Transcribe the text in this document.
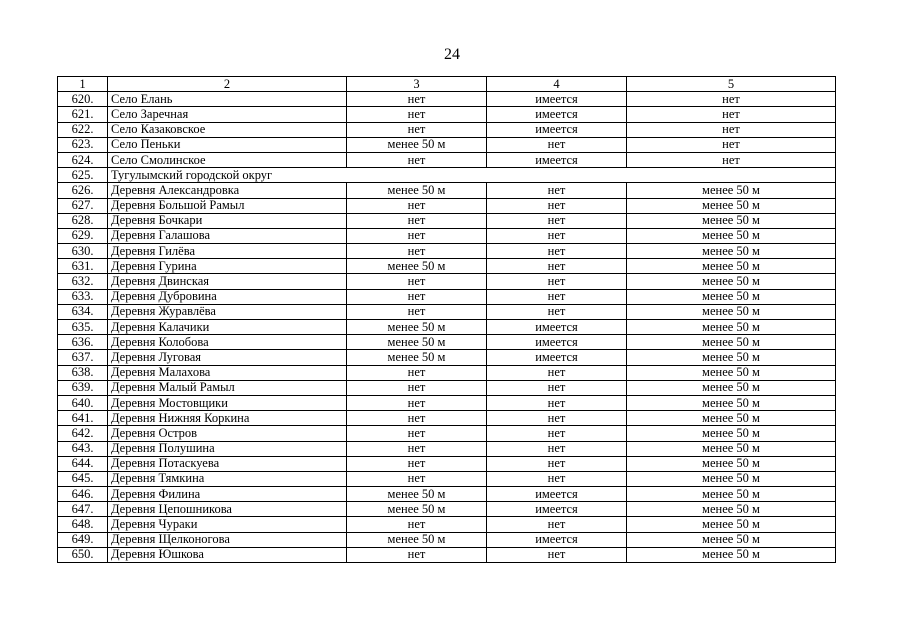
24
1	2	3	4	5
620.	Село Елань	нет	имеется	нет
621.	Село Заречная	нет	имеется	нет
622.	Село Казаковское	нет	имеется	нет
623.	Село Пеньки	менее 50 м	нет	нет
624.	Село Смолинское	нет	имеется	нет
625.	Тугулымский городской округ			
626.	Деревня Александровка	менее 50 м	нет	менее 50 м
627.	Деревня Большой Рамыл	нет	нет	менее 50 м
628.	Деревня Бочкари	нет	нет	менее 50 м
629.	Деревня Галашова	нет	нет	менее 50 м
630.	Деревня Гилёва	нет	нет	менее 50 м
631.	Деревня Гурина	менее 50 м	нет	менее 50 м
632.	Деревня Двинская	нет	нет	менее 50 м
633.	Деревня Дубровина	нет	нет	менее 50 м
634.	Деревня Журавлёва	нет	нет	менее 50 м
635.	Деревня Калачики	менее 50 м	имеется	менее 50 м
636.	Деревня Колобова	менее 50 м	имеется	менее 50 м
637.	Деревня Луговая	менее 50 м	имеется	менее 50 м
638.	Деревня Малахова	нет	нет	менее 50 м
639.	Деревня Малый Рамыл	нет	нет	менее 50 м
640.	Деревня Мостовщики	нет	нет	менее 50 м
641.	Деревня Нижняя Коркина	нет	нет	менее 50 м
642.	Деревня Остров	нет	нет	менее 50 м
643.	Деревня Полушина	нет	нет	менее 50 м
644.	Деревня Потаскуева	нет	нет	менее 50 м
645.	Деревня Тямкина	нет	нет	менее 50 м
646.	Деревня Филина	менее 50 м	имеется	менее 50 м
647.	Деревня Цепошникова	менее 50 м	имеется	менее 50 м
648.	Деревня Чураки	нет	нет	менее 50 м
649.	Деревня Щелконогова	менее 50 м	имеется	менее 50 м
650.	Деревня Юшкова	нет	нет	менее 50 м
